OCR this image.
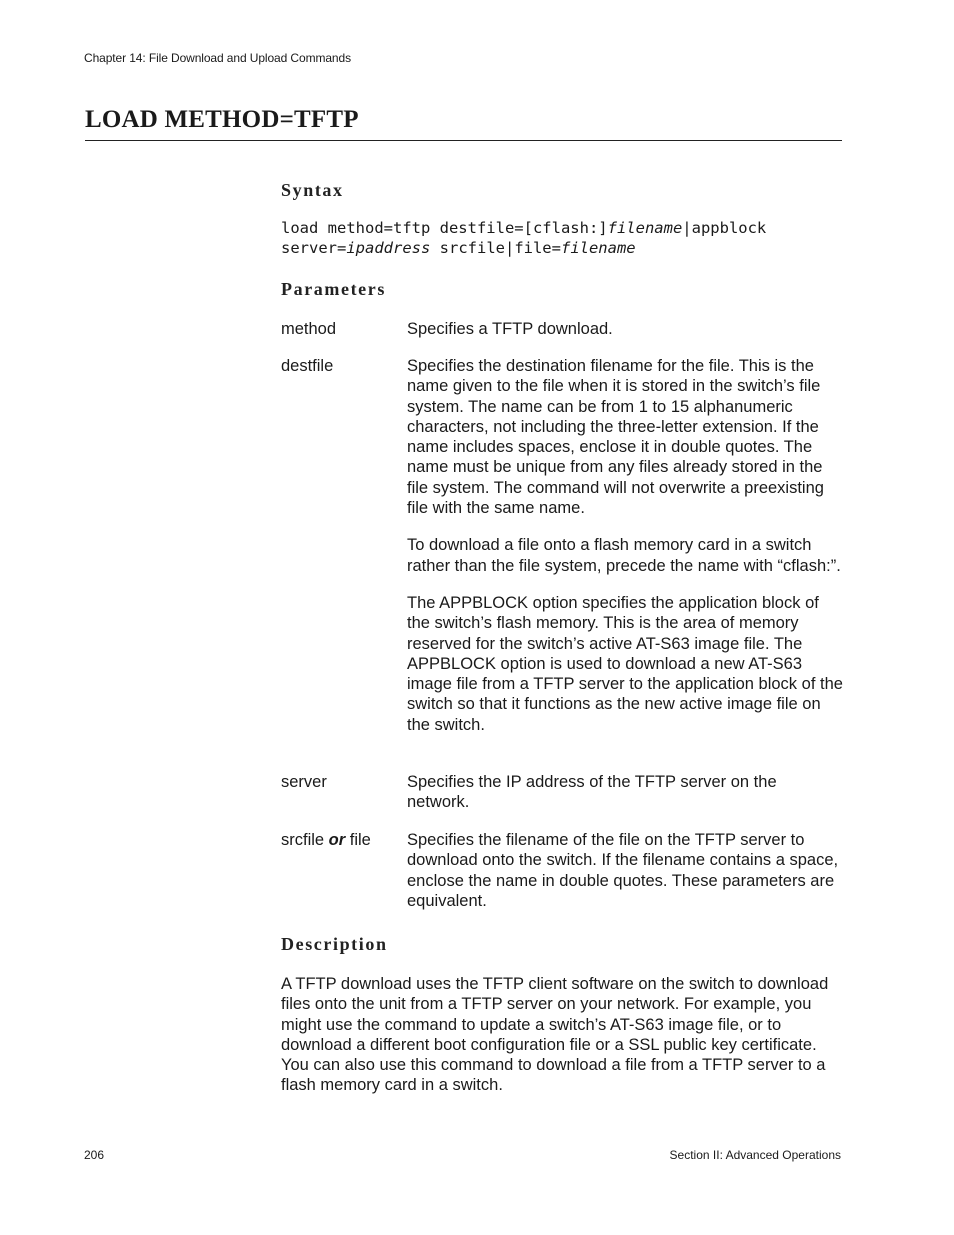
Chapter 14: File Download and Upload Commands
LOAD METHOD=TFTP
Syntax
load method=tftp destfile=[cflash:]filename|appblock
server=ipaddress srcfile|file=filename
Parameters
method	Specifies a TFTP download.

destfile	Specifies the destination filename for the file. This is the name given to the file when it is stored in the switch’s file system. The name can be from 1 to 15 alphanumeric characters, not including the three-letter extension. If the name includes spaces, enclose it in double quotes. The name must be unique from any files already stored in the file system. The command will not overwrite a preexisting file with the same name.

To download a file onto a flash memory card in a switch rather than the file system, precede the name with “cflash:”.

The APPBLOCK option specifies the application block of the switch’s flash memory. This is the area of memory reserved for the switch’s active AT-S63 image file. The APPBLOCK option is used to download a new AT-S63 image file from a TFTP server to the application block of the switch so that it functions as the new active image file on the switch.

server	Specifies the IP address of the TFTP server on the network.

srcfile or file	Specifies the filename of the file on the TFTP server to download onto the switch. If the filename contains a space, enclose the name in double quotes. These parameters are equivalent.

Description

A TFTP download uses the TFTP client software on the switch to download files onto the unit from a TFTP server on your network. For example, you might use the command to update a switch’s AT-S63 image file, or to download a different boot configuration file or a SSL public key certificate. You can also use this command to download a file from a TFTP server to a flash memory card in a switch.

206	Section II: Advanced Operations
